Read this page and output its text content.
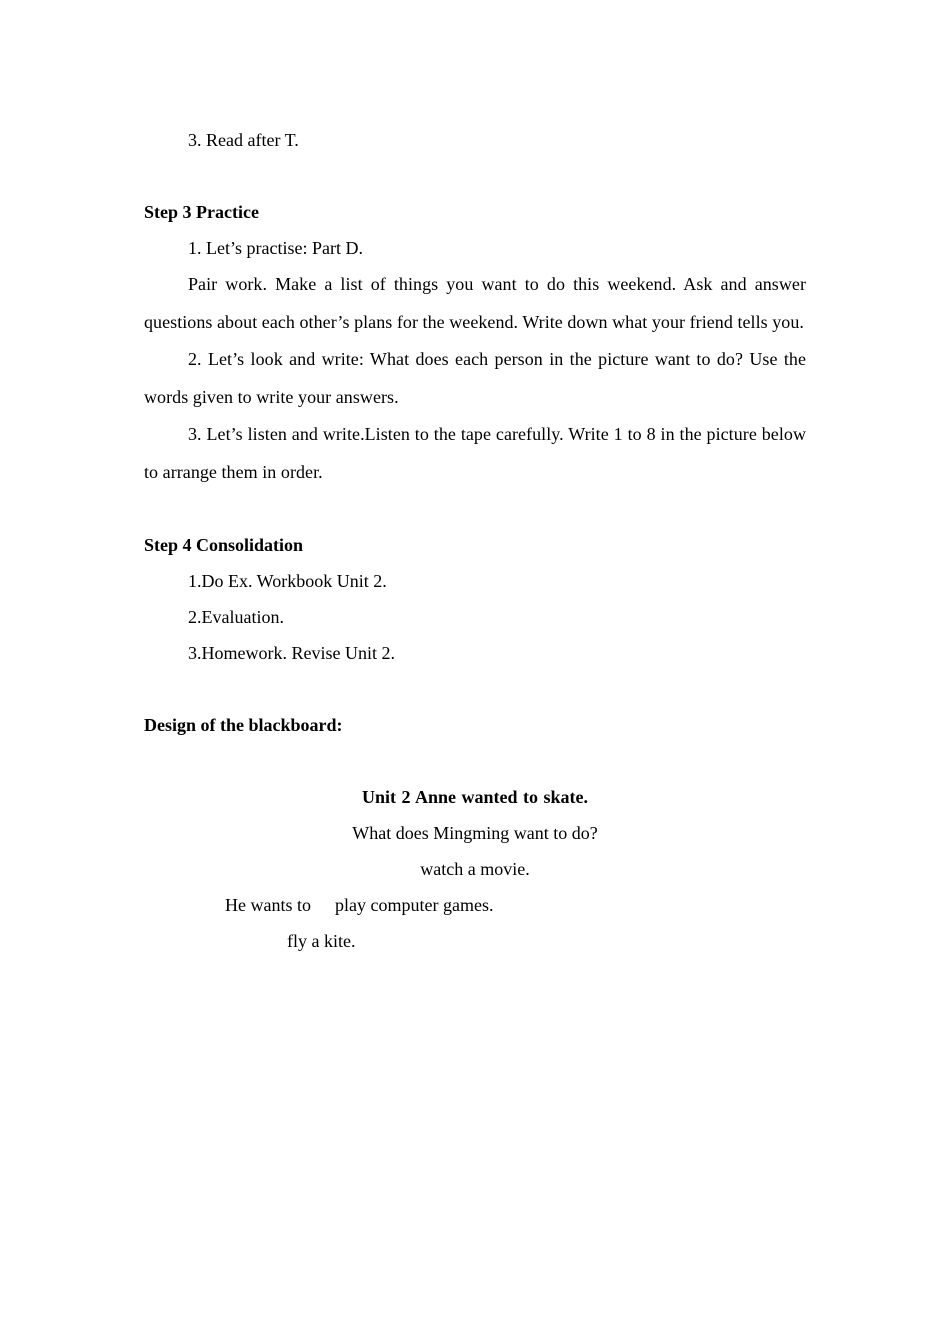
3. Read after T.

Step 3 Practice

1. Let’s practise: Part D.

Pair work. Make a list of things you want to do this weekend. Ask and answer questions about each other’s plans for the weekend. Write down what your friend tells you.

2. Let’s look and write: What does each person in the picture want to do? Use the words given to write your answers.

3. Let’s listen and write.Listen to the tape carefully. Write 1 to 8 in the picture below to arrange them in order.

Step 4 Consolidation

1.Do Ex. Workbook Unit 2.

2.Evaluation.

3.Homework. Revise Unit 2.

Design of the blackboard:

Unit 2 Anne wanted to skate.

What does Mingming want to do?

watch a movie.

He wants to play computer games.
fly a kite.
